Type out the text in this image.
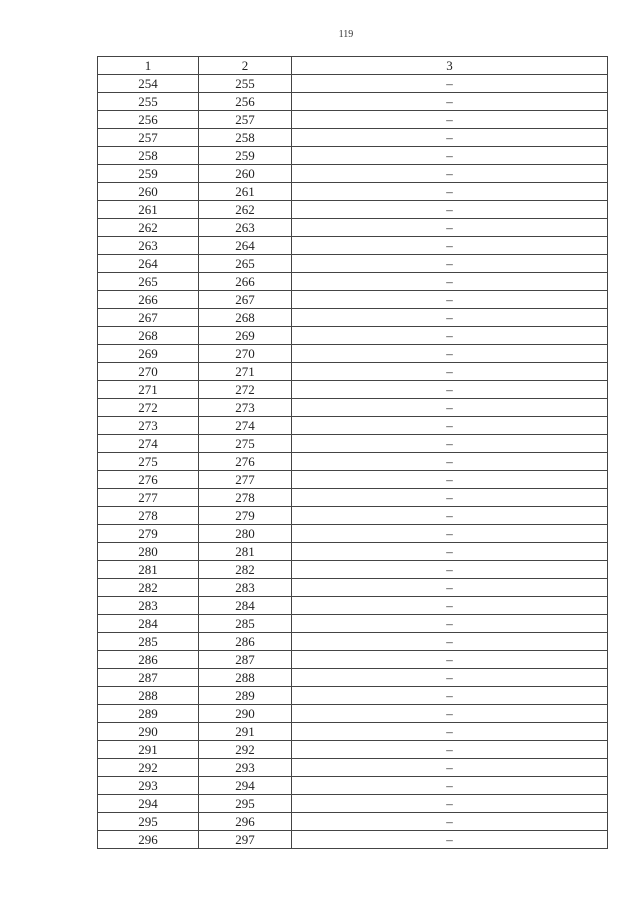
119
1	2	3
254	255	–
255	256	–
256	257	–
257	258	–
258	259	–
259	260	–
260	261	–
261	262	–
262	263	–
263	264	–
264	265	–
265	266	–
266	267	–
267	268	–
268	269	–
269	270	–
270	271	–
271	272	–
272	273	–
273	274	–
274	275	–
275	276	–
276	277	–
277	278	–
278	279	–
279	280	–
280	281	–
281	282	–
282	283	–
283	284	–
284	285	–
285	286	–
286	287	–
287	288	–
288	289	–
289	290	–
290	291	–
291	292	–
292	293	–
293	294	–
294	295	–
295	296	–
296	297	–
